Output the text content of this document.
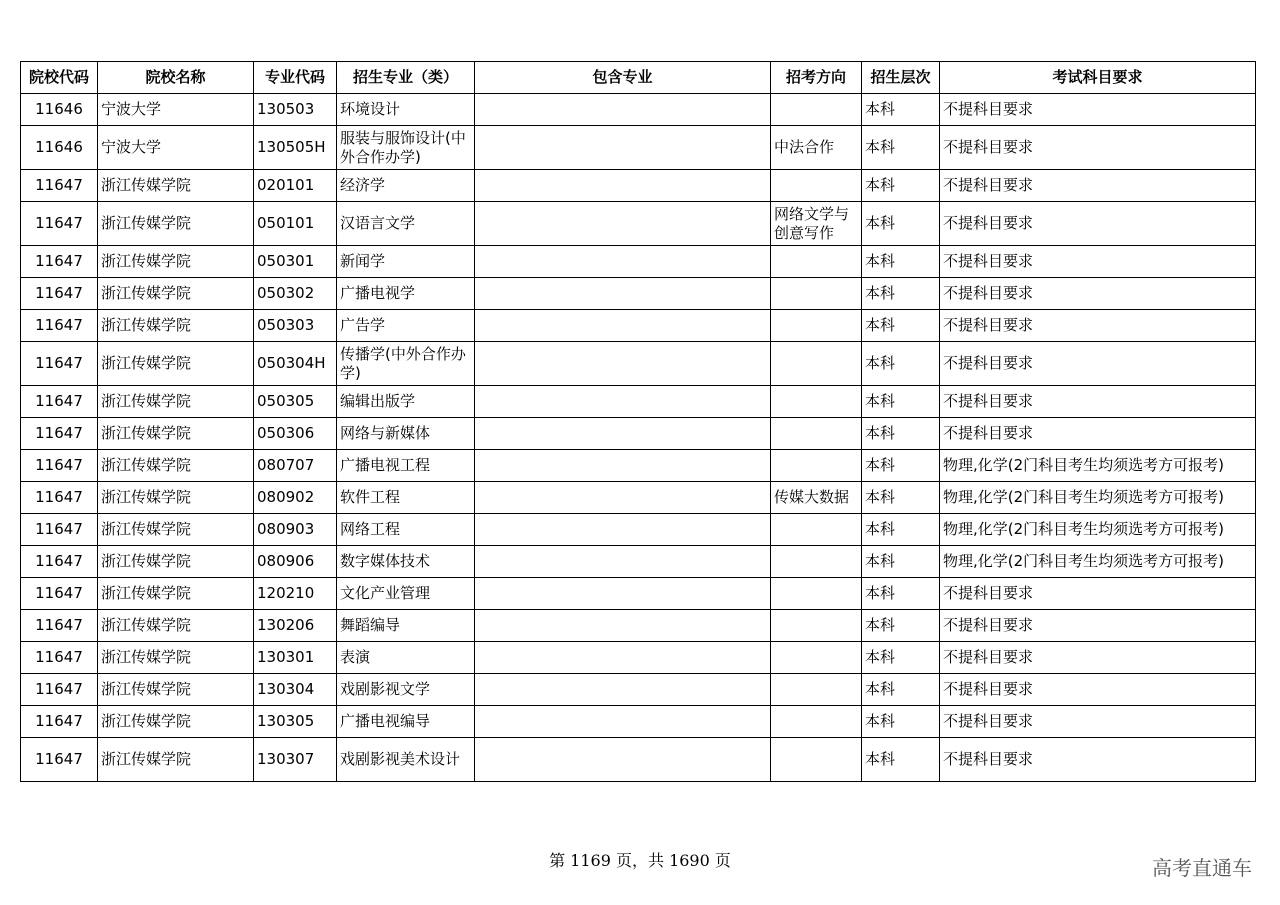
院校代码	院校名称	专业代码	招生专业（类）	包含专业	招考方向	招生层次	考试科目要求
11646	宁波大学	130503	环境设计			本科	不提科目要求
11646	宁波大学	130505H	服装与服饰设计(中外合作办学)		中法合作	本科	不提科目要求
11647	浙江传媒学院	020101	经济学			本科	不提科目要求
11647	浙江传媒学院	050101	汉语言文学		网络文学与创意写作	本科	不提科目要求
11647	浙江传媒学院	050301	新闻学			本科	不提科目要求
11647	浙江传媒学院	050302	广播电视学			本科	不提科目要求
11647	浙江传媒学院	050303	广告学			本科	不提科目要求
11647	浙江传媒学院	050304H	传播学(中外合作办学)			本科	不提科目要求
11647	浙江传媒学院	050305	编辑出版学			本科	不提科目要求
11647	浙江传媒学院	050306	网络与新媒体			本科	不提科目要求
11647	浙江传媒学院	080707	广播电视工程			本科	物理,化学(2门科目考生均须选考方可报考)
11647	浙江传媒学院	080902	软件工程		传媒大数据	本科	物理,化学(2门科目考生均须选考方可报考)
11647	浙江传媒学院	080903	网络工程			本科	物理,化学(2门科目考生均须选考方可报考)
11647	浙江传媒学院	080906	数字媒体技术			本科	物理,化学(2门科目考生均须选考方可报考)
11647	浙江传媒学院	120210	文化产业管理			本科	不提科目要求
11647	浙江传媒学院	130206	舞蹈编导			本科	不提科目要求
11647	浙江传媒学院	130301	表演			本科	不提科目要求
11647	浙江传媒学院	130304	戏剧影视文学			本科	不提科目要求
11647	浙江传媒学院	130305	广播电视编导			本科	不提科目要求
11647	浙江传媒学院	130307	戏剧影视美术设计			本科	不提科目要求
第 1169 页，共 1690 页	高考直通车
